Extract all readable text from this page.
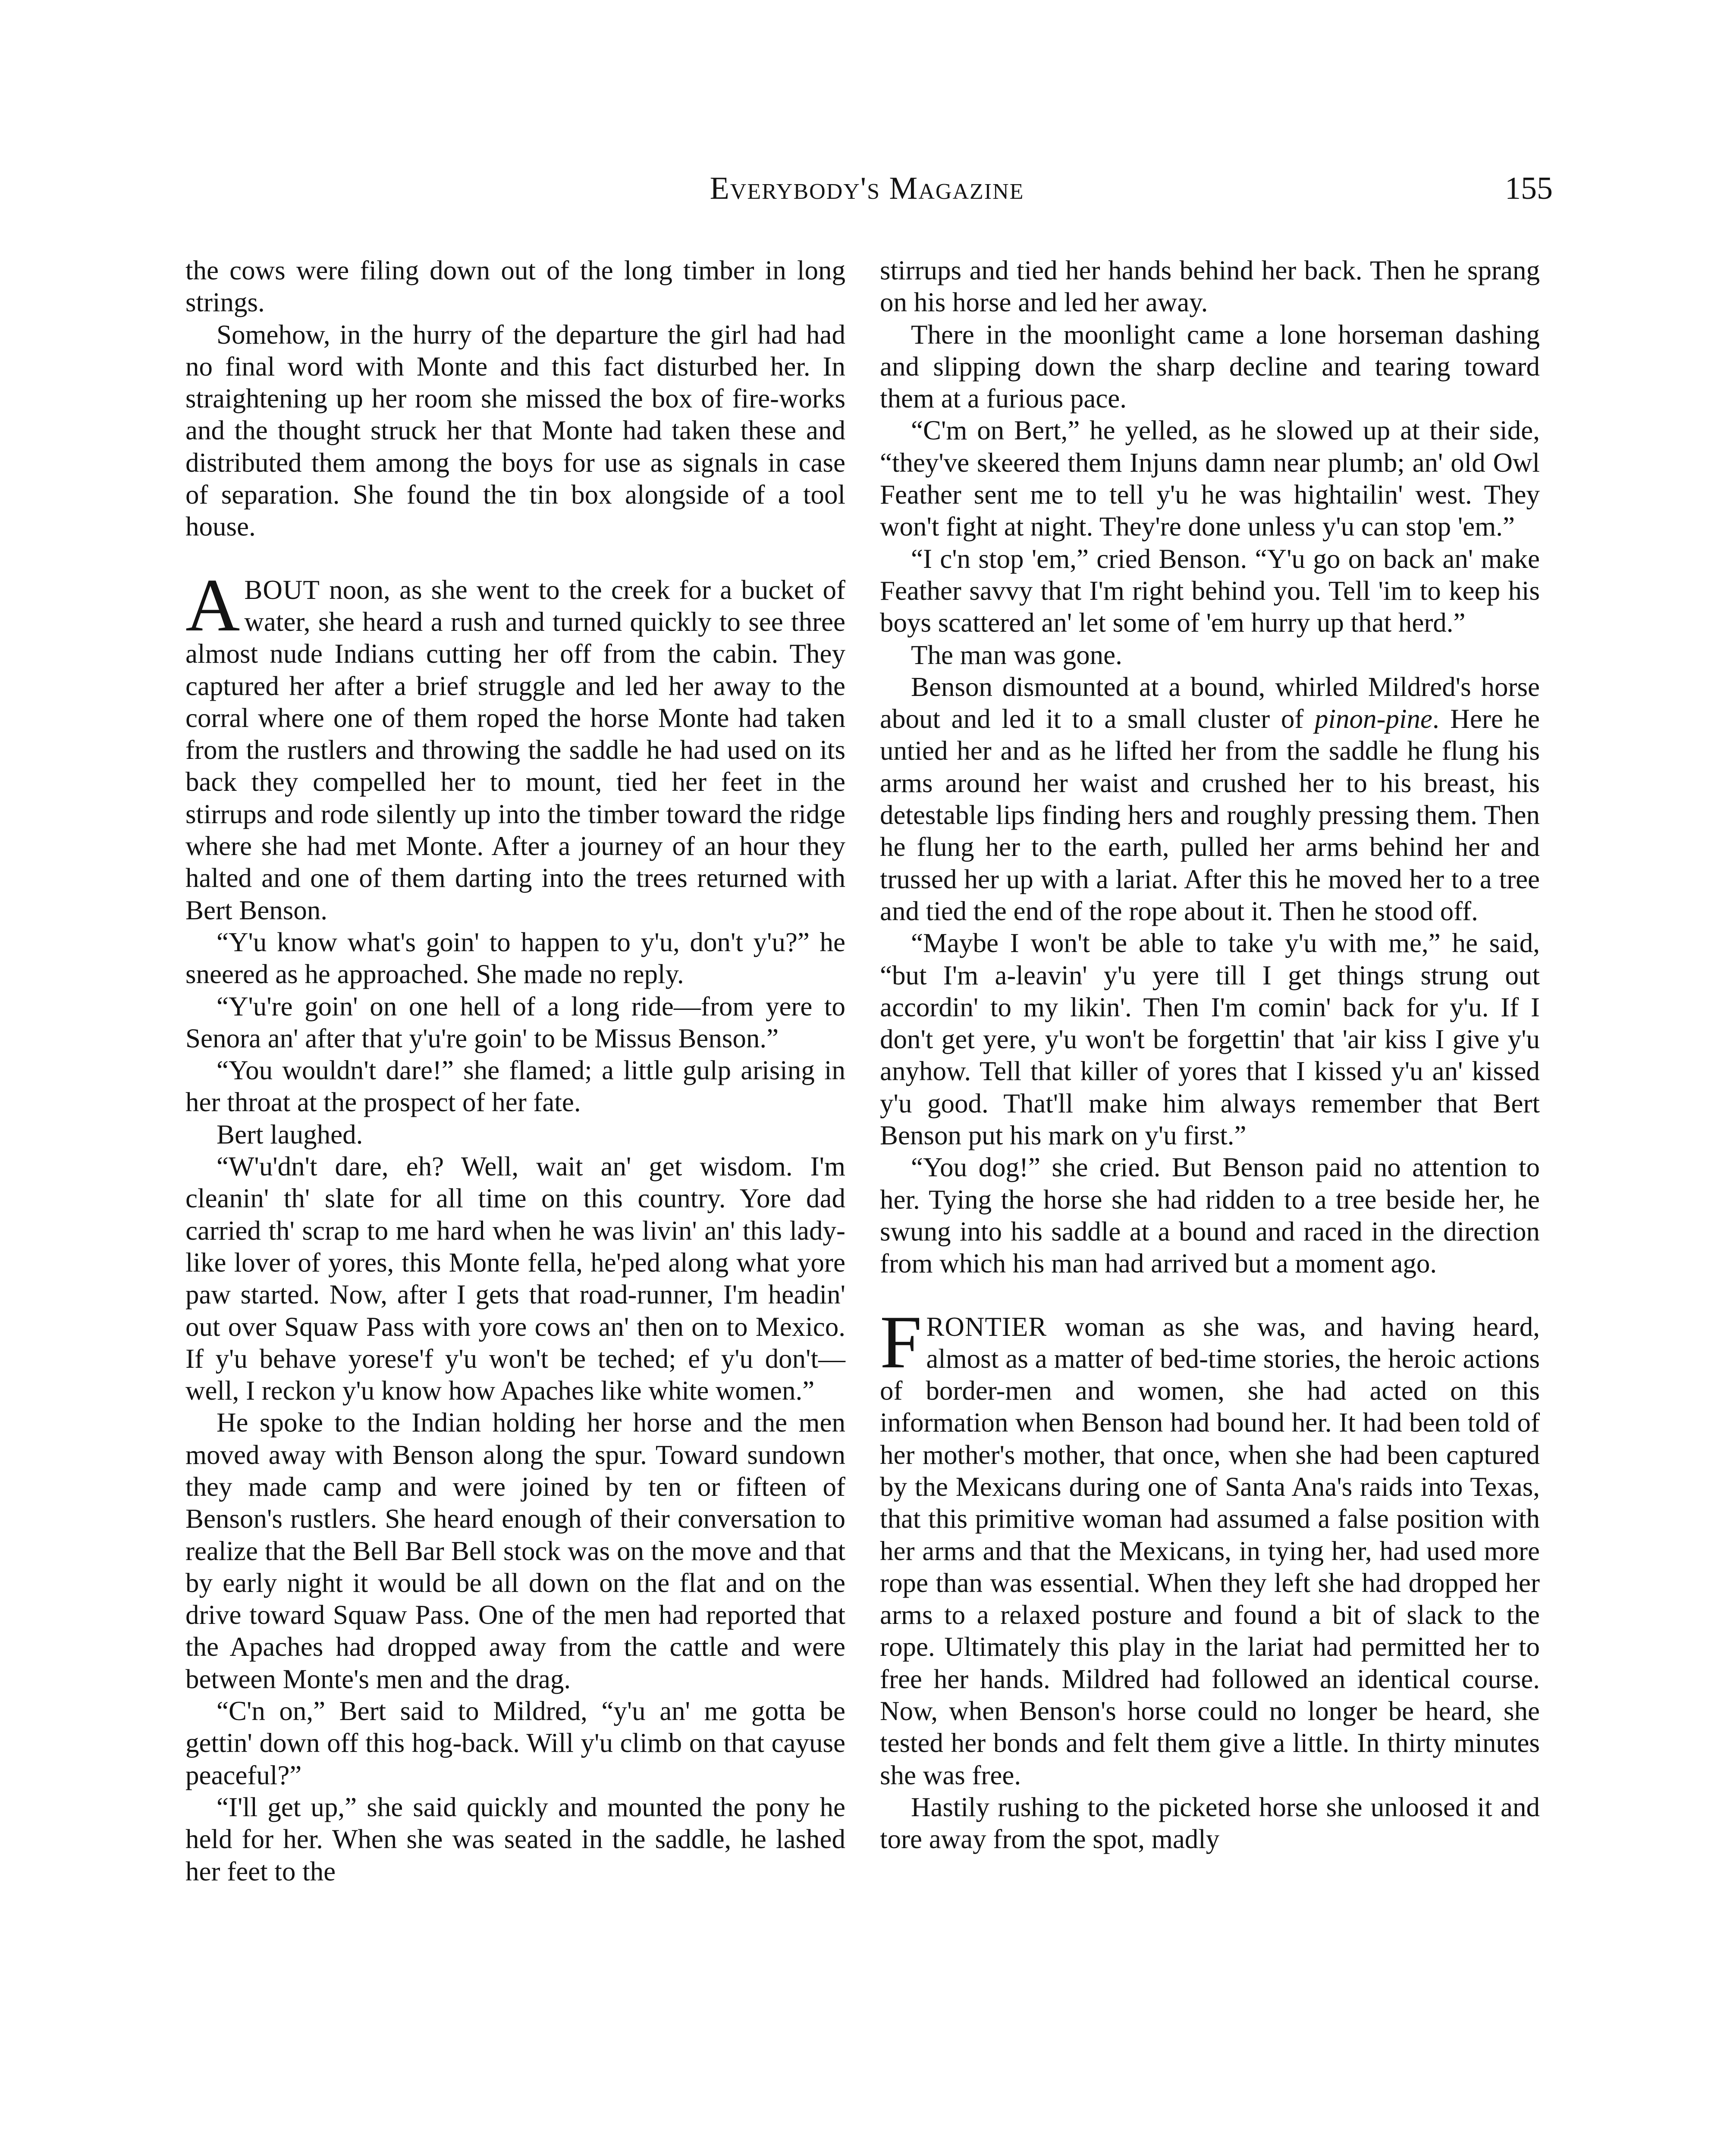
Everybody's Magazine	155

the cows were filing down out of the long timber in long strings.

Somehow, in the hurry of the departure the girl had had no final word with Monte and this fact disturbed her. In straightening up her room she missed the box of fire-works and the thought struck her that Monte had taken these and distributed them among the boys for use as signals in case of separation. She found the tin box alongside of a tool house.

ABOUT noon, as she went to the creek for a bucket of water, she heard a rush and turned quickly to see three almost nude Indians cutting her off from the cabin. They captured her after a brief struggle and led her away to the corral where one of them roped the horse Monte had taken from the rustlers and throwing the saddle he had used on its back they compelled her to mount, tied her feet in the stirrups and rode silently up into the timber toward the ridge where she had met Monte. After a journey of an hour they halted and one of them darting into the trees returned with Bert Benson.

“Y'u know what's goin' to happen to y'u, don't y'u?” he sneered as he approached. She made no reply.

“Y'u're goin' on one hell of a long ride—from yere to Senora an' after that y'u're goin' to be Missus Benson.”

“You wouldn't dare!” she flamed; a little gulp arising in her throat at the prospect of her fate.

Bert laughed.

“W'u'dn't dare, eh? Well, wait an' get wisdom. I'm cleanin' th' slate for all time on this country. Yore dad carried th' scrap to me hard when he was livin' an' this lady-like lover of yores, this Monte fella, he'ped along what yore paw started. Now, after I gets that road-runner, I'm headin' out over Squaw Pass with yore cows an' then on to Mexico. If y'u behave yorese'f y'u won't be teched; ef y'u don't—well, I reckon y'u know how Apaches like white women.”

He spoke to the Indian holding her horse and the men moved away with Benson along the spur. Toward sundown they made camp and were joined by ten or fifteen of Benson's rustlers. She heard enough of their conversation to realize that the Bell Bar Bell stock was on the move and that by early night it would be all down on the flat and on the drive toward Squaw Pass. One of the men had reported that the Apaches had dropped away from the cattle and were between Monte's men and the drag.

“C'n on,” Bert said to Mildred, “y'u an' me gotta be gettin' down off this hog-back. Will y'u climb on that cayuse peaceful?”

“I'll get up,” she said quickly and mounted the pony he held for her. When she was seated in the saddle, he lashed her feet to the

stirrups and tied her hands behind her back. Then he sprang on his horse and led her away.

There in the moonlight came a lone horseman dashing and slipping down the sharp decline and tearing toward them at a furious pace.

“C'm on Bert,” he yelled, as he slowed up at their side, “they've skeered them Injuns damn near plumb; an' old Owl Feather sent me to tell y'u he was hightailin' west. They won't fight at night. They're done unless y'u can stop 'em.”

“I c'n stop 'em,” cried Benson. “Y'u go on back an' make Feather savvy that I'm right behind you. Tell 'im to keep his boys scattered an' let some of 'em hurry up that herd.”

The man was gone.

Benson dismounted at a bound, whirled Mildred's horse about and led it to a small cluster of pinon-pine. Here he untied her and as he lifted her from the saddle he flung his arms around her waist and crushed her to his breast, his detestable lips finding hers and roughly pressing them. Then he flung her to the earth, pulled her arms behind her and trussed her up with a lariat. After this he moved her to a tree and tied the end of the rope about it. Then he stood off.

“Maybe I won't be able to take y'u with me,” he said, “but I'm a-leavin' y'u yere till I get things strung out accordin' to my likin'. Then I'm comin' back for y'u. If I don't get yere, y'u won't be forgettin' that 'air kiss I give y'u anyhow. Tell that killer of yores that I kissed y'u an' kissed y'u good. That'll make him always remember that Bert Benson put his mark on y'u first.”

“You dog!” she cried. But Benson paid no attention to her. Tying the horse she had ridden to a tree beside her, he swung into his saddle at a bound and raced in the direction from which his man had arrived but a moment ago.

FRONTIER woman as she was, and having heard, almost as a matter of bed-time stories, the heroic actions of border-men and women, she had acted on this information when Benson had bound her. It had been told of her mother's mother, that once, when she had been captured by the Mexicans during one of Santa Ana's raids into Texas, that this primitive woman had assumed a false position with her arms and that the Mexicans, in tying her, had used more rope than was essential. When they left she had dropped her arms to a relaxed posture and found a bit of slack to the rope. Ultimately this play in the lariat had permitted her to free her hands. Mildred had followed an identical course. Now, when Benson's horse could no longer be heard, she tested her bonds and felt them give a little. In thirty minutes she was free.

Hastily rushing to the picketed horse she unloosed it and tore away from the spot, madly
